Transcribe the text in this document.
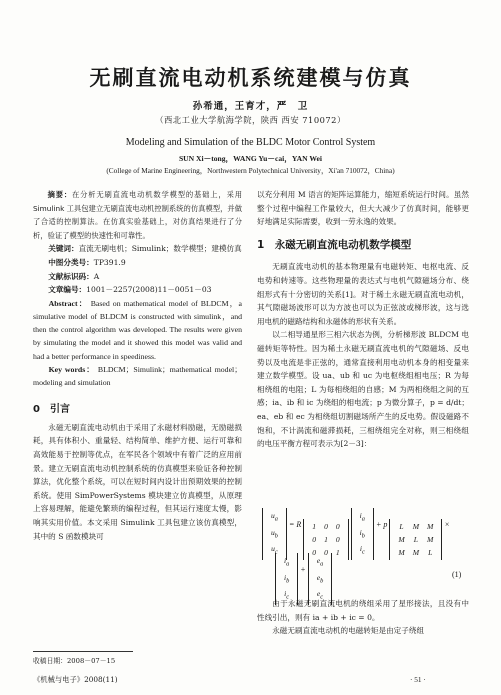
无刷直流电动机系统建模与仿真
孙希通，王育才，严　卫
（西北工业大学航海学院，陕西 西安 710072）
Modeling and Simulation of the BLDC Motor Control System
SUN Xi－tong，WANG Yu－cai，YAN Wei
(College of Marine Engineering，Northwestern Polytechnical University，Xi'an 710072，China)
摘要：在分析无刷直流电动机数学模型的基础上，采用 Simulink 工具包建立无刷直流电动机控制系统的仿真模型，并做了合适的控制算法。在仿真实验基础上，对仿真结果进行了分析，验证了模型的快速性和可靠性。
关键词：直流无刷电机；Simulink；数学模型；建模仿真
中图分类号：TP391.9
文献标识码：A
文章编号：1001－2257(2008)11－0051－03
Abstract： Based on mathematical model of BLDCM，a simulative model of BLDCM is constructed with simulink，and then the control algorithm was developed. The results were given by simulating the model and it showed this model was valid and had a better performance in speediness.
Key words： BLDCM；Simulink；mathematical model；modeling and simulation
0　引言
永磁无刷直流电动机由于采用了永磁材料励磁，无励磁损耗，具有体积小、重量轻、结构简单、维护方便、运行可靠和高效能易于控制等优点，在军民各个领域中有着广泛的应用前景。建立无刷直流电动机控制系统的仿真模型来验证各种控制算法，优化整个系统，可以在短时间内设计出预期效果的控制系统。使用 SimPowerSystems 模块建立仿真模型，从原理上容易理解，能避免繁琐的编程过程，但其运行速度太慢，影响其实用价值。本文采用 Simulink 工具包建立该仿真模型，其中的 S 函数模块可
收稿日期：2008－07－15
《机械与电子》2008(11)
以充分利用 M 语言的矩阵运算能力，缩短系统运行时间。虽然整个过程中编程工作量较大，但大大减少了仿真时间，能够更好地满足实际需要，收到一劳永逸的效果。
1　永磁无刷直流电动机数学模型
无刷直流电动机的基本物理量有电磁转矩、电枢电流、反电势和转速等。这些物理量的表达式与电机气隙磁场分布、绕组形式有十分密切的关系[1]。对于稀土永磁无刷直流电动机，其气隙磁场波形可以为方波也可以为正弦波或梯形波，这与选用电机的磁路结构和永磁体的形状有关系。
以二相导通星形三相六状态为例，分析梯形波 BLDCM 电磁转矩等特性。因为稀土永磁无刷直流电机的气隙磁场、反电势以及电流是非正弦的，通常直接利用电动机本身的相变量来建立数学模型。设 ua、ub 和 uc 为电枢绕组相电压；R 为每相绕组的电阻；L 为每相绕组的自感；M 为两相绕组之间的互感；ia、ib 和 ic 为绕组的相电流；p 为微分算子，p = d/dt；ea、eb 和 ec 为相绕组切割磁场所产生的反电势。假设磁路不饱和，不计涡流和磁滞损耗，三相绕组完全对称，则三相绕组的电压平衡方程可表示为[2－3]：
$u_a$
$u_b$
$u_c$
= R 1	0	0
0	1	0
0	0	1

$i_a$
$i_b$
$i_c$
+ p L	M	M
M	L	M
M	M	L
×
$i_a$
$i_b$
$i_c$
+
$e_a$
$e_b$
$e_c$
(1)
由于永磁无刷直流电机的绕组采用了星形接法，且没有中性线引出，则有 ia + ib + ic = 0。
永磁无刷直流电动机的电磁转矩是由定子绕组
· 51 ·
